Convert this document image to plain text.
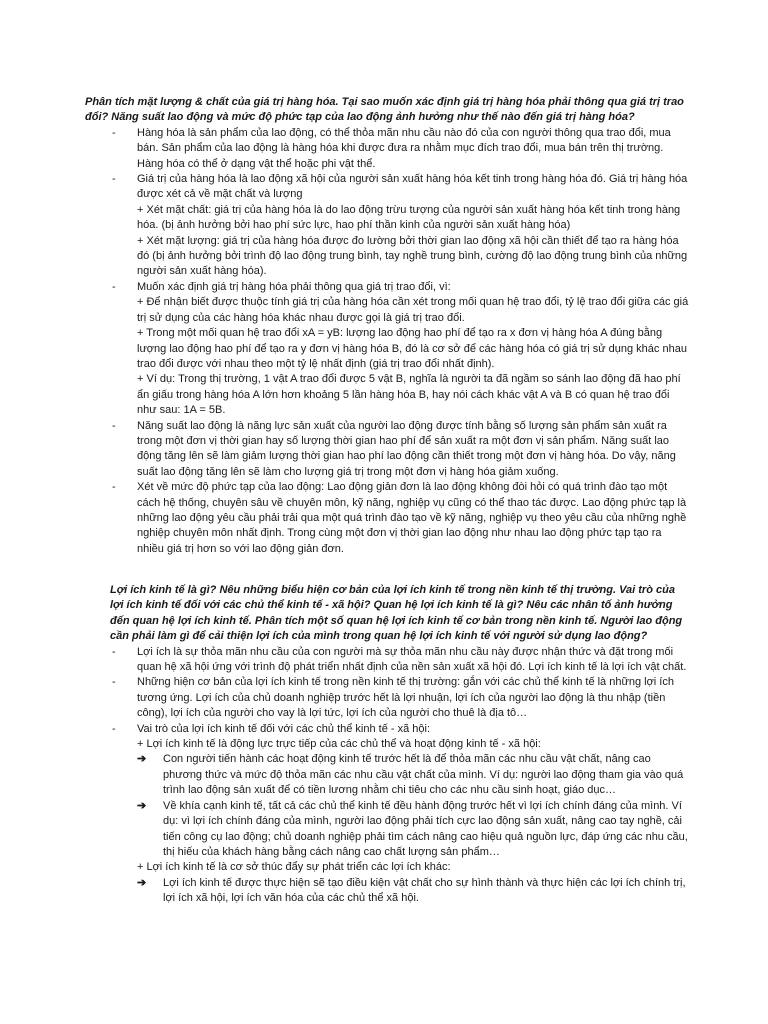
Phân tích mặt lượng & chất của giá trị hàng hóa. Tại sao muốn xác định giá trị hàng hóa phải thông qua giá trị trao đổi? Năng suất lao động và mức độ phức tạp của lao động ảnh hưởng như thế nào đến giá trị hàng hóa?

- Hàng hóa là sản phẩm của lao động, có thể thỏa mãn nhu cầu nào đó của con người thông qua trao đổi, mua bán. Sản phẩm của lao động là hàng hóa khi được đưa ra nhằm mục đích trao đổi, mua bán trên thị trường. Hàng hóa có thể ở dạng vật thể hoặc phi vật thể.
- Giá trị của hàng hóa là lao động xã hội của người sản xuất hàng hóa kết tinh trong hàng hóa đó. Giá trị hàng hóa được xét cả về mặt chất và lượng
+ Xét mặt chất: giá trị của hàng hóa là do lao động trừu tượng của người sản xuất hàng hóa kết tinh trong hàng hóa. (bị ảnh hưởng bởi hao phí sức lực, hao phí thần kinh của người sản xuất hàng hóa)
+ Xét mặt lượng: giá trị của hàng hóa được đo lường bởi thời gian lao động xã hội cần thiết để tạo ra hàng hóa đó (bị ảnh hưởng bởi trình độ lao động trung bình, tay nghề trung bình, cường độ lao động trung bình của những người sản xuất hàng hóa).
- Muốn xác định giá trị hàng hóa phải thông qua giá trị trao đổi, vì:
+ Để nhận biết được thuộc tính giá trị của hàng hóa cần xét trong mối quan hệ trao đổi, tỷ lệ trao đổi giữa các giá trị sử dụng của các hàng hóa khác nhau được gọi là giá trị trao đổi.
+ Trong một mối quan hệ trao đổi xA = yB: lượng lao động hao phí để tạo ra x đơn vị hàng hóa A đúng bằng lượng lao động hao phí để tạo ra y đơn vị hàng hóa B, đó là cơ sở để các hàng hóa có giá trị sử dụng khác nhau trao đổi được với nhau theo một tỷ lệ nhất định (giá trị trao đổi nhất định).
+ Ví dụ: Trong thị trường, 1 vật A trao đổi được 5 vật B, nghĩa là người ta đã ngầm so sánh lao động đã hao phí ẩn giấu trong hàng hóa A lớn hơn khoảng 5 lần hàng hóa B, hay nói cách khác vật A và B có quan hệ trao đổi như sau: 1A = 5B.
- Năng suất lao động là năng lực sản xuất của người lao động được tính bằng số lượng sản phẩm sản xuất ra trong một đơn vị thời gian hay số lượng thời gian hao phí để sản xuất ra một đơn vị sản phẩm. Năng suất lao động tăng lên sẽ làm giảm lượng thời gian hao phí lao động cần thiết trong một đơn vị hàng hóa. Do vậy, năng suất lao động tăng lên sẽ làm cho lượng giá trị trong một đơn vị hàng hóa giảm xuống.
- Xét về mức độ phức tạp của lao động: Lao động giản đơn là lao động không đòi hỏi có quá trình đào tạo một cách hệ thống, chuyên sâu về chuyên môn, kỹ năng, nghiệp vụ cũng có thể thao tác được. Lao động phức tạp là những lao động yêu cầu phải trải qua một quá trình đào tạo về kỹ năng, nghiệp vụ theo yêu cầu của những nghề nghiệp chuyên môn nhất định. Trong cùng một đơn vị thời gian lao động như nhau lao động phức tạp tạo ra nhiều giá trị hơn so với lao động giản đơn.

Lợi ích kinh tế là gì? Nêu những biểu hiện cơ bản của lợi ích kinh tế trong nền kinh tế thị trường. Vai trò của lợi ích kinh tế đối với các chủ thể kinh tế - xã hội? Quan hệ lợi ích kinh tế là gì? Nêu các nhân tố ảnh hưởng đến quan hệ lợi ích kinh tế. Phân tích một số quan hệ lợi ích kinh tế cơ bản trong nền kinh tế. Người lao động cần phải làm gì để cải thiện lợi ích của mình trong quan hệ lợi ích kinh tế với người sử dụng lao động?

- Lợi ích là sự thỏa mãn nhu cầu của con người mà sự thỏa mãn nhu cầu này được nhận thức và đặt trong mối quan hệ xã hội ứng với trình độ phát triển nhất định của nền sản xuất xã hội đó. Lợi ích kinh tế là lợi ích vật chất.
- Những hiện cơ bản của lợi ích kinh tế trong nền kinh tế thị trường: gắn với các chủ thể kinh tế là những lợi ích tương ứng. Lợi ích của chủ doanh nghiệp trước hết là lợi nhuận, lợi ích của người lao động là thu nhập (tiền công), lợi ích của người cho vay là lợi tức, lợi ích của người cho thuê là địa tô…
- Vai trò của lợi ích kinh tế đối với các chủ thể kinh tế - xã hội:
+ Lợi ích kinh tế là động lực trực tiếp của các chủ thể và hoạt động kinh tế - xã hội:
➔ Con người tiến hành các hoạt động kinh tế trước hết là để thỏa mãn các nhu cầu vật chất, nâng cao phương thức và mức độ thỏa mãn các nhu cầu vật chất của mình. Ví dụ: người lao động tham gia vào quá trình lao động sản xuất để có tiền lương nhằm chi tiêu cho các nhu cầu sinh hoạt, giáo dục…
➔ Về khía cạnh kinh tế, tất cả các chủ thể kinh tế đều hành động trước hết vì lợi ích chính đáng của mình. Ví dụ: vì lợi ích chính đáng của mình, người lao động phải tích cực lao động sản xuất, nâng cao tay nghề, cải tiến công cụ lao động; chủ doanh nghiệp phải tìm cách nâng cao hiệu quả nguồn lực, đáp ứng các nhu cầu, thị hiếu của khách hàng bằng cách nâng cao chất lượng sản phẩm…
+ Lợi ích kinh tế là cơ sở thúc đẩy sự phát triển các lợi ích khác:
➔ Lợi ích kinh tế được thực hiện sẽ tạo điều kiện vật chất cho sự hình thành và thực hiện các lợi ích chính trị, lợi ích xã hội, lợi ích văn hóa của các chủ thể xã hội.
